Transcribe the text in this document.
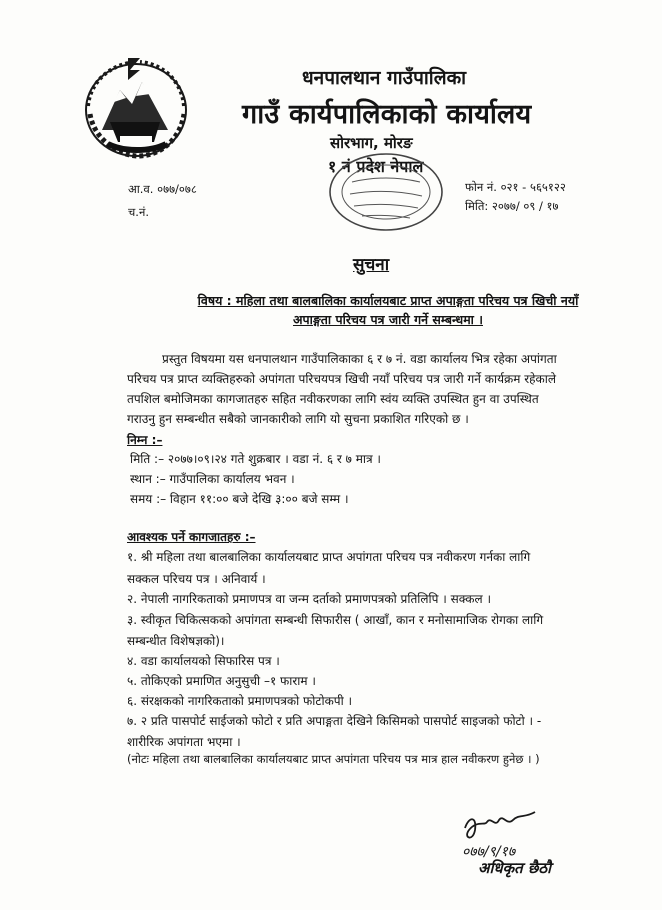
धनपालथान गाउँपालिका
गाउँ कार्यपालिकाको कार्यालय
सोरभाग, मोरङ
१ नं प्रदेश नेपाल
आ.व. ०७७/०७८
च.नं.
फोन नं. ०२१ - ५६५१२२
मिति: २०७७/ ०९ / १७
सुचना
विषय : महिला तथा बालबालिका कार्यालयबाट प्राप्त अपाङ्गता परिचय पत्र खिची नयाँ
अपाङ्गता परिचय पत्र जारी गर्ने सम्बन्धमा ।
प्रस्तुत विषयमा यस धनपालथान गाउँपालिकाका ६ र ७ नं. वडा कार्यालय भित्र रहेका अपांगता
परिचय पत्र प्राप्त व्यक्तिहरुको अपांगता परिचयपत्र खिची नयाँ परिचय पत्र जारी गर्ने कार्यक्रम रहेकाले
तपशिल बमोजिमका कागजातहरु सहित नवीकरणका लागि स्वंय व्यक्ति उपस्थित हुन वा उपस्थित
गराउनु हुन सम्बन्धीत सबैको जानकारीको लागि यो सुचना प्रकाशित गरिएको छ ।
निम्न :–
मिति :– २०७७।०९।२४ गते शुक्रबार । वडा नं. ६ र ७ मात्र ।
स्थान :– गाउँपालिका कार्यालय भवन ।
समय :– विहान ११:०० बजे देखि ३:०० बजे सम्म ।
आवश्यक पर्ने कागजातहरु :–
१. श्री महिला तथा बालबालिका कार्यालयबाट प्राप्त अपांगता परिचय पत्र नवीकरण गर्नका लागि
सक्कल परिचय पत्र । अनिवार्य ।
२. नेपाली नागरिकताको प्रमाणपत्र वा जन्म दर्ताको प्रमाणपत्रको प्रतिलिपि । सक्कल ।
३. स्वीकृत चिकित्सकको अपांगता सम्बन्धी सिफारीस ( आखाँ, कान र मनोसामाजिक रोगका लागि
सम्बन्धीत विशेषज्ञको)।
४. वडा कार्यालयको सिफारिस पत्र ।
५. तोकिएको प्रमाणित अनुसुची –१ फाराम ।
६. संरक्षकको नागरिकताको प्रमाणपत्रको फोटोकपी ।
७. २ प्रति पासपोर्ट साईजको फोटो र प्रति अपाङ्गता देखिने किसिमको पासपोर्ट साइजको फोटो । -
शारीरिक अपांगता भएमा ।
(नोटः महिला तथा बालबालिका कार्यालयबाट प्राप्त अपांगता परिचय पत्र मात्र हाल नवीकरण हुनेछ । )
०७७/९/१७
अधिकृत छैठौ
